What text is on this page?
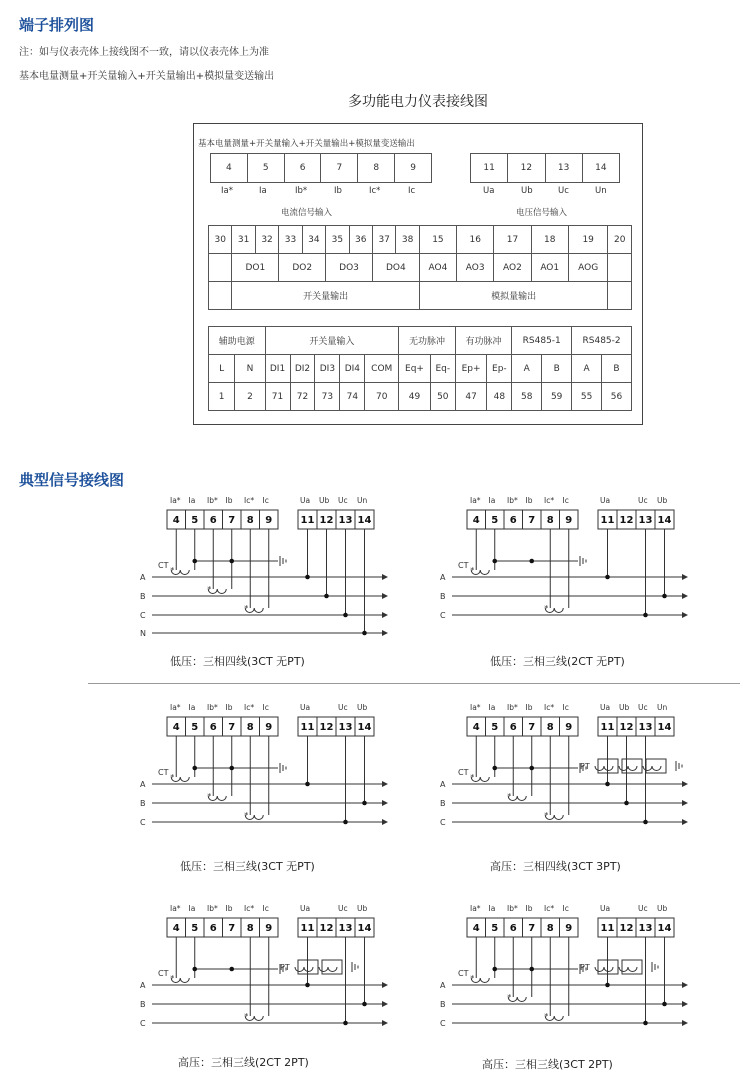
端子排列图
注：如与仪表壳体上接线图不一致，请以仪表壳体上为准
基本电量测量+开关量输入+开关量输出+模拟量变送输出
多功能电力仪表接线图
基本电量测量+开关量输入+开关量输出+模拟量变送输出
4	5	6	7	8	9
Ia*	Ia	Ib*	Ib	Ic*	Ic
电流信号输入
11	12	13	14
Ua	Ub	Uc	Un
电压信号输入
30	31	32	33	34	35	36	37	38	15	16	17	18	19	20
	DO1		DO2		DO3		DO4		AO4	AO3	AO2	AO1	AOG	
	开关量输出								模拟量输出					
辅助电源		开关量输入					无功脉冲		有功脉冲		RS485-1		RS485-2	
L	N	DI1	DI2	DI3	DI4	COM	Eq+	Eq-	Ep+	Ep-	A	B	A	B
1	2	71	72	73	74	70	49	50	47	48	58	59	55	56
典型信号接线图
Ia* Ia Ib* Ib Ic* Ic	Ua Ub Uc Un
4 5 6 7 8 9	11 12 13 14
A
B
C
N
CT
*
*
*
Ia* Ia Ib* Ib Ic* Ic	Ua	Uc Ub
4 5 6 7 8 9	11 12 13 14
A
B
C
CT
*
*
Ia* Ia Ib* Ib Ic* Ic	Ua	Uc Ub
4 5 6 7 8 9	11 12 13 14
A
B
C
CT
*
*
*
Ia* Ia Ib* Ib Ic* Ic	Ua Ub Uc Un
4 5 6 7 8 9	11 12 13 14
A
B
C
CT
*
*
*
PT
Ia* Ia Ib* Ib Ic* Ic	Ua	Uc Ub
4 5 6 7 8 9	11 12 13 14
A
B
C
CT
*
*
PT
Ia* Ia Ib* Ib Ic* Ic	Ua	Uc Ub
4 5 6 7 8 9	11 12 13 14
A
B
C
CT
*
*
*
PT
低压：三相四线(3CT 无PT)	低压：三相三线(2CT 无PT)
低压：三相三线(3CT 无PT)	高压：三相四线(3CT 3PT)
高压：三相三线(2CT 2PT)	高压：三相三线(3CT 2PT)
